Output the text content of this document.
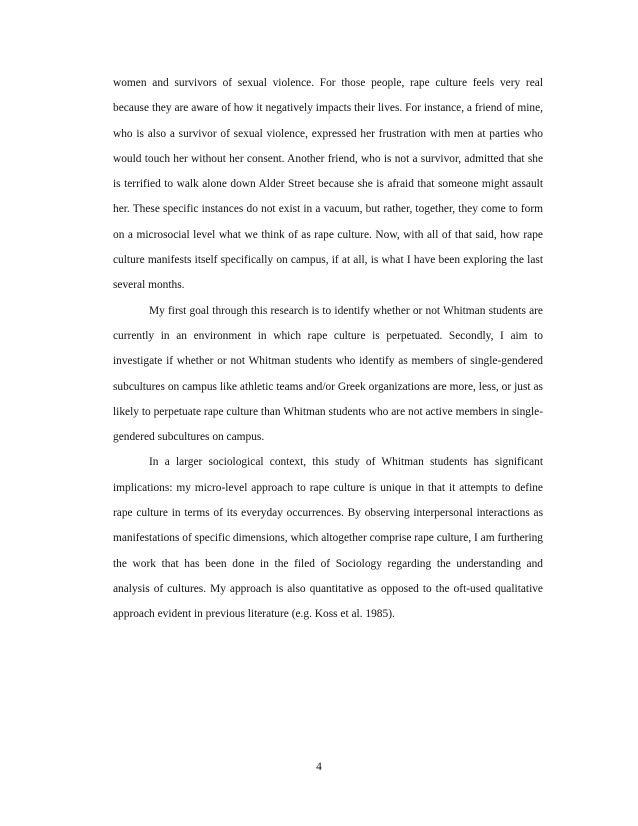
women and survivors of sexual violence. For those people, rape culture feels very real because they are aware of how it negatively impacts their lives. For instance, a friend of mine, who is also a survivor of sexual violence, expressed her frustration with men at parties who would touch her without her consent. Another friend, who is not a survivor, admitted that she is terrified to walk alone down Alder Street because she is afraid that someone might assault her. These specific instances do not exist in a vacuum, but rather, together, they come to form on a microsocial level what we think of as rape culture. Now, with all of that said, how rape culture manifests itself specifically on campus, if at all, is what I have been exploring the last several months.

My first goal through this research is to identify whether or not Whitman students are currently in an environment in which rape culture is perpetuated. Secondly, I aim to investigate if whether or not Whitman students who identify as members of single-gendered subcultures on campus like athletic teams and/or Greek organizations are more, less, or just as likely to perpetuate rape culture than Whitman students who are not active members in single-gendered subcultures on campus.

In a larger sociological context, this study of Whitman students has significant implications: my micro-level approach to rape culture is unique in that it attempts to define rape culture in terms of its everyday occurrences. By observing interpersonal interactions as manifestations of specific dimensions, which altogether comprise rape culture, I am furthering the work that has been done in the filed of Sociology regarding the understanding and analysis of cultures. My approach is also quantitative as opposed to the oft-used qualitative approach evident in previous literature (e.g. Koss et al. 1985).

4
